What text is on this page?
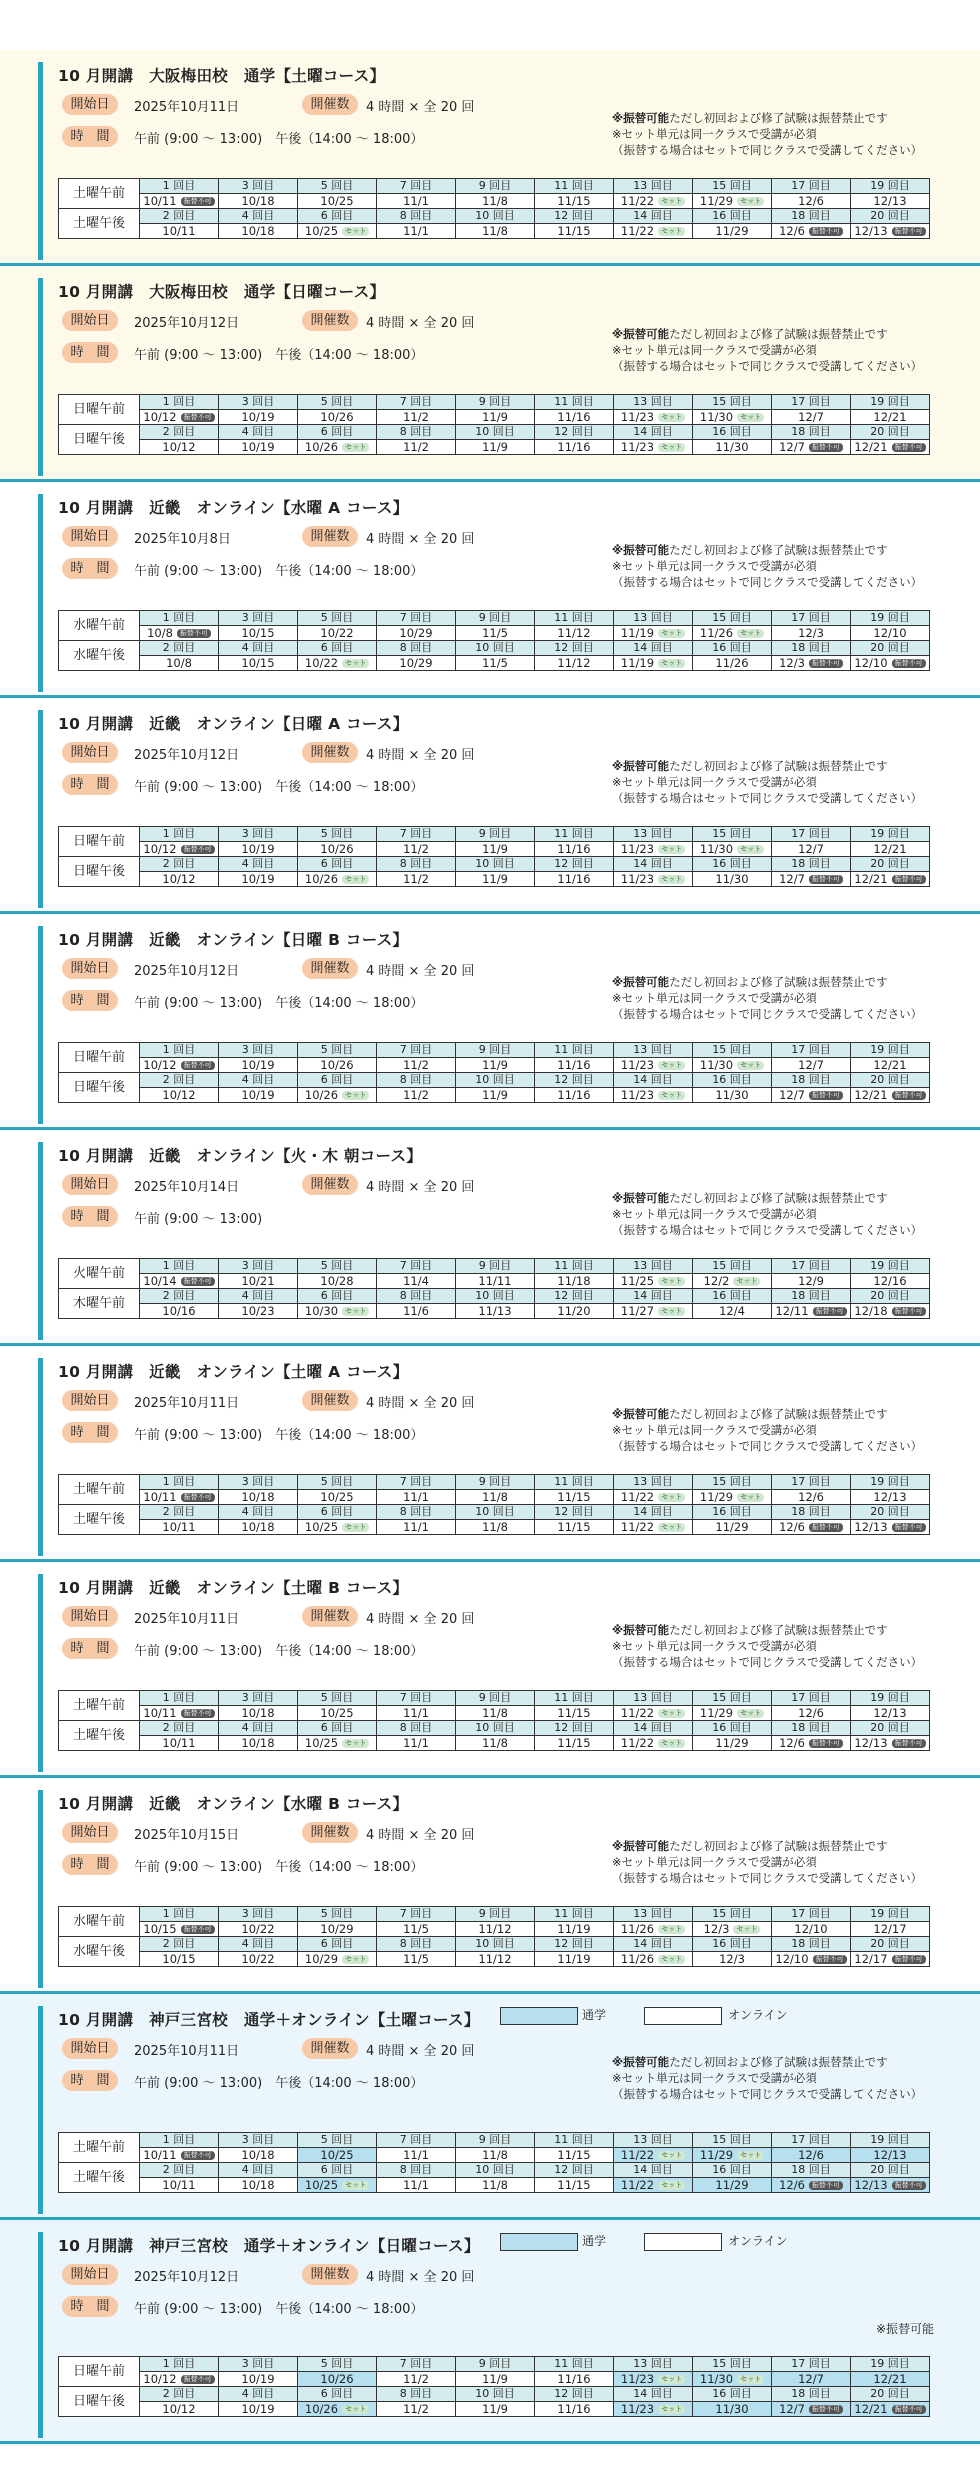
10 月開講　大阪梅田校　通学【土曜コース】
開始日	2025年10月11日	開催数	4 時間 × 全 20 回
時　間	午前 (9:00 ～ 13:00)　午後（14:00 ～ 18:00）
※振替可能ただし初回および修了試験は振替禁止です
※セット単元は同一クラスで受講が必須
（振替する場合はセットで同じクラスで受講してください）
土曜午前	1 回目	3 回目	5 回目	7 回目	9 回目	11 回目	13 回目	15 回目	17 回目	19 回目
	10/11 振替不可	10/18	10/25	11/1	11/8	11/15	11/22 セット	11/29 セット	12/6	12/13
土曜午後	2 回目	4 回目	6 回目	8 回目	10 回目	12 回目	14 回目	16 回目	18 回目	20 回目
	10/11	10/18	10/25 セット	11/1	11/8	11/15	11/22 セット	11/29	12/6 振替不可	12/13 振替不可
10 月開講　大阪梅田校　通学【日曜コース】
開始日	2025年10月12日	開催数	4 時間 × 全 20 回
時　間	午前 (9:00 ～ 13:00)　午後（14:00 ～ 18:00）
※振替可能ただし初回および修了試験は振替禁止です
※セット単元は同一クラスで受講が必須
（振替する場合はセットで同じクラスで受講してください）
日曜午前	1 回目	3 回目	5 回目	7 回目	9 回目	11 回目	13 回目	15 回目	17 回目	19 回目
	10/12 振替不可	10/19	10/26	11/2	11/9	11/16	11/23 セット	11/30 セット	12/7	12/21
日曜午後	2 回目	4 回目	6 回目	8 回目	10 回目	12 回目	14 回目	16 回目	18 回目	20 回目
	10/12	10/19	10/26 セット	11/2	11/9	11/16	11/23 セット	11/30	12/7 振替不可	12/21 振替不可
10 月開講　近畿　オンライン【水曜 A コース】
開始日	2025年10月8日	開催数	4 時間 × 全 20 回
時　間	午前 (9:00 ～ 13:00)　午後（14:00 ～ 18:00）
※振替可能ただし初回および修了試験は振替禁止です
※セット単元は同一クラスで受講が必須
（振替する場合はセットで同じクラスで受講してください）
水曜午前	1 回目	3 回目	5 回目	7 回目	9 回目	11 回目	13 回目	15 回目	17 回目	19 回目
	10/8 振替不可	10/15	10/22	10/29	11/5	11/12	11/19 セット	11/26 セット	12/3	12/10
水曜午後	2 回目	4 回目	6 回目	8 回目	10 回目	12 回目	14 回目	16 回目	18 回目	20 回目
	10/8	10/15	10/22 セット	10/29	11/5	11/12	11/19 セット	11/26	12/3 振替不可	12/10 振替不可
10 月開講　近畿　オンライン【日曜 A コース】
開始日	2025年10月12日	開催数	4 時間 × 全 20 回
時　間	午前 (9:00 ～ 13:00)　午後（14:00 ～ 18:00）
※振替可能ただし初回および修了試験は振替禁止です
※セット単元は同一クラスで受講が必須
（振替する場合はセットで同じクラスで受講してください）
日曜午前	1 回目	3 回目	5 回目	7 回目	9 回目	11 回目	13 回目	15 回目	17 回目	19 回目
	10/12 振替不可	10/19	10/26	11/2	11/9	11/16	11/23 セット	11/30 セット	12/7	12/21
日曜午後	2 回目	4 回目	6 回目	8 回目	10 回目	12 回目	14 回目	16 回目	18 回目	20 回目
	10/12	10/19	10/26 セット	11/2	11/9	11/16	11/23 セット	11/30	12/7 振替不可	12/21 振替不可
10 月開講　近畿　オンライン【日曜 B コース】
開始日	2025年10月12日	開催数	4 時間 × 全 20 回
時　間	午前 (9:00 ～ 13:00)　午後（14:00 ～ 18:00）
※振替可能ただし初回および修了試験は振替禁止です
※セット単元は同一クラスで受講が必須
（振替する場合はセットで同じクラスで受講してください）
日曜午前	1 回目	3 回目	5 回目	7 回目	9 回目	11 回目	13 回目	15 回目	17 回目	19 回目
	10/12 振替不可	10/19	10/26	11/2	11/9	11/16	11/23 セット	11/30 セット	12/7	12/21
日曜午後	2 回目	4 回目	6 回目	8 回目	10 回目	12 回目	14 回目	16 回目	18 回目	20 回目
	10/12	10/19	10/26 セット	11/2	11/9	11/16	11/23 セット	11/30	12/7 振替不可	12/21 振替不可
10 月開講　近畿　オンライン【火・木 朝コース】
開始日	2025年10月14日	開催数	4 時間 × 全 20 回
時　間	午前 (9:00 ～ 13:00)
※振替可能ただし初回および修了試験は振替禁止です
※セット単元は同一クラスで受講が必須
（振替する場合はセットで同じクラスで受講してください）
火曜午前	1 回目	3 回目	5 回目	7 回目	9 回目	11 回目	13 回目	15 回目	17 回目	19 回目
	10/14 振替不可	10/21	10/28	11/4	11/11	11/18	11/25 セット	12/2 セット	12/9	12/16
木曜午前	2 回目	4 回目	6 回目	8 回目	10 回目	12 回目	14 回目	16 回目	18 回目	20 回目
	10/16	10/23	10/30 セット	11/6	11/13	11/20	11/27 セット	12/4	12/11 振替不可	12/18 振替不可
10 月開講　近畿　オンライン【土曜 A コース】
開始日	2025年10月11日	開催数	4 時間 × 全 20 回
時　間	午前 (9:00 ～ 13:00)　午後（14:00 ～ 18:00）
※振替可能ただし初回および修了試験は振替禁止です
※セット単元は同一クラスで受講が必須
（振替する場合はセットで同じクラスで受講してください）
土曜午前	1 回目	3 回目	5 回目	7 回目	9 回目	11 回目	13 回目	15 回目	17 回目	19 回目
	10/11 振替不可	10/18	10/25	11/1	11/8	11/15	11/22 セット	11/29 セット	12/6	12/13
土曜午後	2 回目	4 回目	6 回目	8 回目	10 回目	12 回目	14 回目	16 回目	18 回目	20 回目
	10/11	10/18	10/25 セット	11/1	11/8	11/15	11/22 セット	11/29	12/6 振替不可	12/13 振替不可
10 月開講　近畿　オンライン【土曜 B コース】
開始日	2025年10月11日	開催数	4 時間 × 全 20 回
時　間	午前 (9:00 ～ 13:00)　午後（14:00 ～ 18:00）
※振替可能ただし初回および修了試験は振替禁止です
※セット単元は同一クラスで受講が必須
（振替する場合はセットで同じクラスで受講してください）
土曜午前	1 回目	3 回目	5 回目	7 回目	9 回目	11 回目	13 回目	15 回目	17 回目	19 回目
	10/11 振替不可	10/18	10/25	11/1	11/8	11/15	11/22 セット	11/29 セット	12/6	12/13
土曜午後	2 回目	4 回目	6 回目	8 回目	10 回目	12 回目	14 回目	16 回目	18 回目	20 回目
	10/11	10/18	10/25 セット	11/1	11/8	11/15	11/22 セット	11/29	12/6 振替不可	12/13 振替不可
10 月開講　近畿　オンライン【水曜 B コース】
開始日	2025年10月15日	開催数	4 時間 × 全 20 回
時　間	午前 (9:00 ～ 13:00)　午後（14:00 ～ 18:00）
※振替可能ただし初回および修了試験は振替禁止です
※セット単元は同一クラスで受講が必須
（振替する場合はセットで同じクラスで受講してください）
水曜午前	1 回目	3 回目	5 回目	7 回目	9 回目	11 回目	13 回目	15 回目	17 回目	19 回目
	10/15 振替不可	10/22	10/29	11/5	11/12	11/19	11/26 セット	12/3 セット	12/10	12/17
水曜午後	2 回目	4 回目	6 回目	8 回目	10 回目	12 回目	14 回目	16 回目	18 回目	20 回目
	10/15	10/22	10/29 セット	11/5	11/12	11/19	11/26 セット	12/3	12/10 振替不可	12/17 振替不可
10 月開講　神戸三宮校　通学＋オンライン【土曜コース】
開始日	2025年10月11日	開催数	4 時間 × 全 20 回
時　間	午前 (9:00 ～ 13:00)　午後（14:00 ～ 18:00）
※振替可能ただし初回および修了試験は振替禁止です
※セット単元は同一クラスで受講が必須
（振替する場合はセットで同じクラスで受講してください）
通学	オンライン
土曜午前	1 回目	3 回目	5 回目	7 回目	9 回目	11 回目	13 回目	15 回目	17 回目	19 回目
	10/11 振替不可	10/18	10/25	11/1	11/8	11/15	11/22 セット	11/29 セット	12/6	12/13
土曜午後	2 回目	4 回目	6 回目	8 回目	10 回目	12 回目	14 回目	16 回目	18 回目	20 回目
	10/11	10/18	10/25 セット	11/1	11/8	11/15	11/22 セット	11/29	12/6 振替不可	12/13 振替不可
10 月開講　神戸三宮校　通学＋オンライン【日曜コース】
開始日	2025年10月12日	開催数	4 時間 × 全 20 回
時　間	午前 (9:00 ～ 13:00)　午後（14:00 ～ 18:00）
通学	オンライン
※振替可能
日曜午前	1 回目	3 回目	5 回目	7 回目	9 回目	11 回目	13 回目	15 回目	17 回目	19 回目
	10/12 振替不可	10/19	10/26	11/2	11/9	11/16	11/23 セット	11/30 セット	12/7	12/21
日曜午後	2 回目	4 回目	6 回目	8 回目	10 回目	12 回目	14 回目	16 回目	18 回目	20 回目
	10/12	10/19	10/26 セット	11/2	11/9	11/16	11/23 セット	11/30	12/7 振替不可	12/21 振替不可
